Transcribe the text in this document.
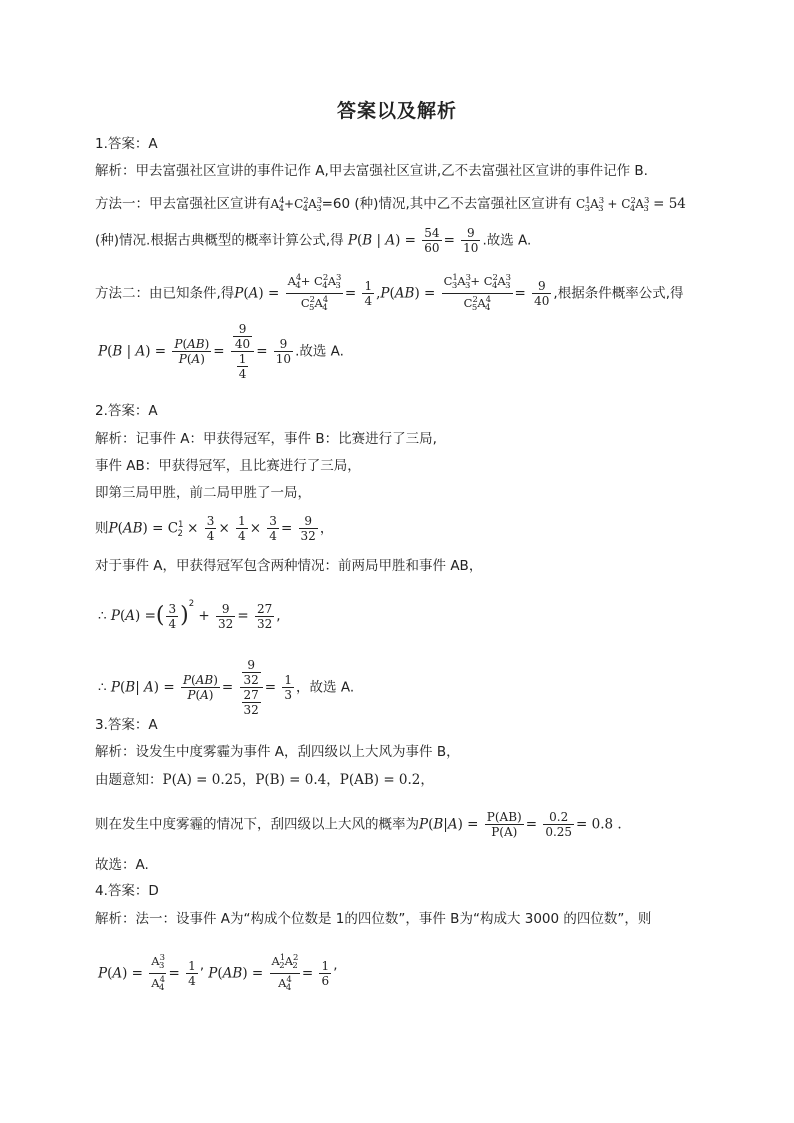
答案以及解析
1.答案：A
解析：甲去富强社区宣讲的事件记作 A,甲去富强社区宣讲,乙不去富强社区宣讲的事件记作 B.
方法一：甲去富强社区宣讲有$A^4_4+C^2_4A^3_3=60$ (种)情况,其中乙不去富强社区宣讲有 $C^1_3A^3_3 + C^2_4A^3_3 = 54$
(种)情况.根据古典概型的概率计算公式,得 P(B | $A) = \frac{54}{60} = \frac{9}{10}$ .故选 A.
方法二：由已知条件,得$P(A) = \frac{A^4_4+ C^2_4A^3_3}{C^2_5A^4_4} = \frac{1}{4} ,P(AB) = \frac{C^1_3A^3_3+ C^2_4A^3_3}{C^2_5A^4_4} = \frac{9}{40}$ ,根据条件概率公式,得
P(B | $A) = \frac{P(AB)}{P(A)} = \frac{\frac{9}{40}}{\frac{1}{4}} = \frac{9}{10}$ .故选 A.
2.答案：A
解析：记事件 A：甲获得冠军，事件 B：比赛进行了三局,
事件 AB：甲获得冠军，且比赛进行了三局，
即第三局甲胜，前二局甲胜了一局，
则$P(AB) = C^1_2 \times \frac{3}{4} \times \frac{1}{4} \times \frac{3}{4} = \frac{9}{32}$ ，
对于事件 A，甲获得冠军包含两种情况：前两局甲胜和事件 AB，
∴ P(A) =( $\frac{3}{4} )^2 + \frac{9}{32} = \frac{27}{32}$ ,
∴ P(B| $A) = \frac{P(AB)}{P(A)} = \frac{\frac{9}{32}}{\frac{27}{32}} = \frac{1}{3}$ ，故选 A.
3.答案：A
解析：设发生中度雾霾为事件 A，刮四级以上大风为事件 B，
由题意知：P(A) = 0.25，P(B) = 0.4，P(AB) = 0.2，
则在发生中度雾霾的情况下，刮四级以上大风的概率为$P(B|A) = \frac{P(AB)}{P(A)} = \frac{0.2}{0.25} = 0.8$ .
故选：A.
4.答案：D
解析：法一：设事件 A为“构成个位数是 1的四位数”，事件 B为“构成大 3000 的四位数”，则
$P(A) = \frac{A^3_3}{A^4_4} = \frac{1}{4}$ ’ $P(AB) = \frac{A^1_2A^2_2}{A^4_4} = \frac{1}{6}$ ’
